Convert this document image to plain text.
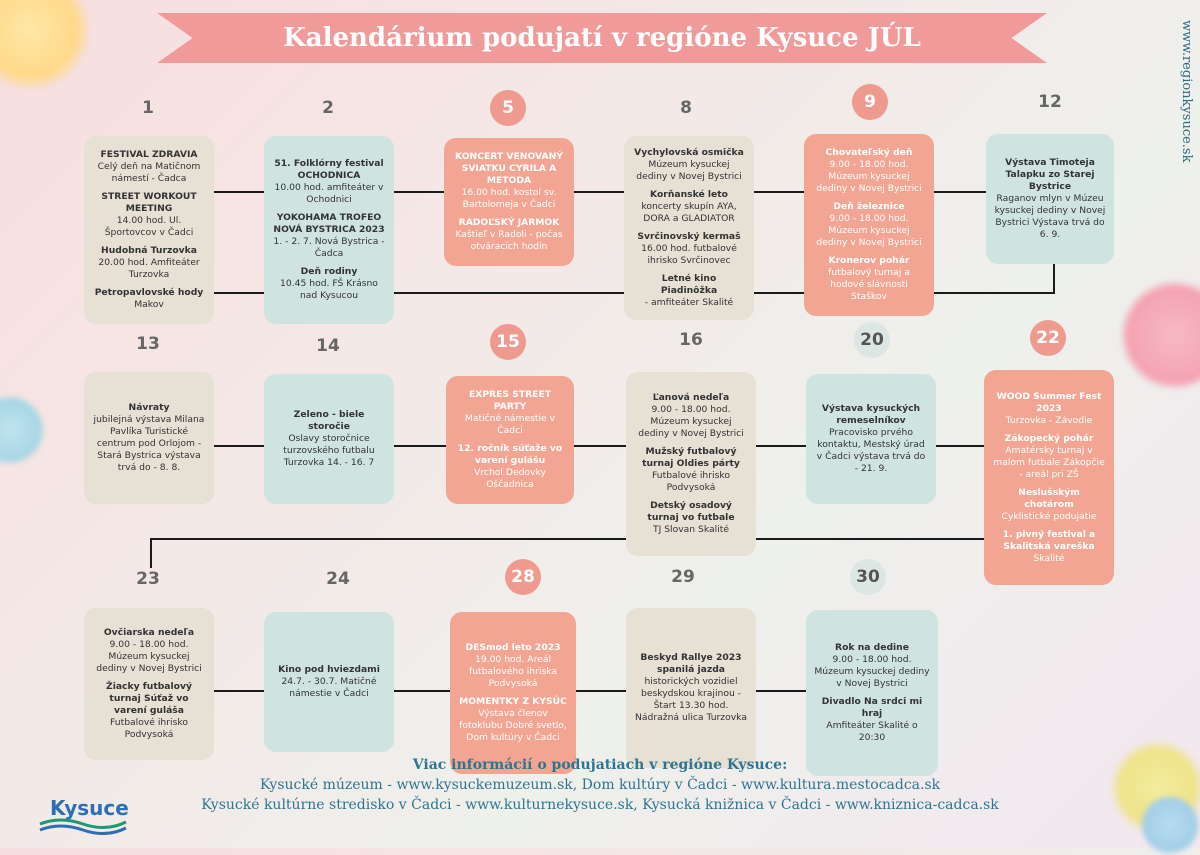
Kalendárium podujatí v regióne Kysuce JÚL	www.regionkysuce.sk
1	2	5	8	9	12
13	14	15	16	20	22
23	24	28	29	30
FESTIVAL ZDRAVIA
Celý deň na Matičnom námestí - Čadca
STREET WORKOUT MEETING
14.00 hod. Ul. Športovcov v Čadci
Hudobná Turzovka
20.00 hod. Amfiteáter Turzovka
Petropavlovské hody
Makov
51. Folklórny festival OCHODNICA
10.00 hod. amfiteáter v Ochodnici
YOKOHAMA TROFEO NOVÁ BYSTRICA 2023
1. - 2. 7. Nová Bystrica - Čadca
Deň rodiny
10.45 hod. FŠ Krásno nad Kysucou
KONCERT VENOVANÝ SVIATKU CYRILA A METODA
16.00 hod. kostol sv. Bartolomeja v Čadci
RADOĽSKÝ JARMOK
Kaštieľ v Radoli - počas otváracích hodín
Vychylovská osmička
Múzeum kysuckej dediny v Novej Bystrici
Korňanské leto
koncerty skupín AYA, DORA a GLADIATOR
Svrčinovský kermaš
16.00 hod. futbalové ihrisko Svrčinovec
Letné kino Piadinôžka
- amfiteáter Skalité
Chovateľský deň
9.00 - 18.00 hod. Múzeum kysuckej dediny v Novej Bystrici
Deň železnice
9.00 - 18.00 hod. Múzeum kysuckej dediny v Novej Bystrici
Kronerov pohár
futbalový turnaj a hodové slávnosti Staškov
Výstava Timoteja Talapku zo Starej Bystrice
Raganov mlyn v Múzeu kysuckej dediny v Novej Bystrici Výstava trvá do 6. 9.
Návraty
jubilejná výstava Milana Pavlíka Turistické centrum pod Orlojom - Stará Bystrica výstava trvá do - 8. 8.
Zeleno - biele storočie
Oslavy storočnice turzovského futbalu Turzovka 14. - 16. 7
EXPRES STREET PARTY
Matičné námestie v Čadci
12. ročník súťaže vo varení gulášu
Vrchol Dedovky Oščadnica
Ľanová nedeľa
9.00 - 18.00 hod. Múzeum kysuckej dediny v Novej Bystrici
Mužský futbalový turnaj Oldies párty
Futbalové ihrisko Podvysoká
Detský osadový turnaj vo futbale
TJ Slovan Skalité
Výstava kysuckých remeselníkov
Pracovisko prvého kontaktu, Mestský úrad v Čadci výstava trvá do - 21. 9.
WOOD Summer Fest 2023
Turzovka - Závodie
Zákopecký pohár
Amatérsky turnaj v malom futbale Zákopčie - areál pri ZŠ
Neslušským chotárom
Cyklistické podujatie
1. pivný festival a Skalitská vareška
Skalité
Ovčiarska nedeľa
9.00 - 18.00 hod. Múzeum kysuckej dediny v Novej Bystrici
Žiacky futbalový turnaj Súťaž vo varení guláša
Futbalové ihrisko Podvysoká
Kino pod hviezdami
24.7. - 30.7. Matičné námestie v Čadci
DESmod leto 2023
19.00 hod. Areál futbalového ihriska Podvysoká
MOMENTKY Z KYSÚC
Výstava členov fotoklubu Dobré svetlo, Dom kultúry v Čadci
Beskyd Rallye 2023 spanilá jazda
historických vozidiel beskydskou krajinou - Štart 13.30 hod. Nádražná ulica Turzovka
Rok na dedine
9.00 - 18.00 hod. Múzeum kysuckej dediny v Novej Bystrici
Divadlo Na srdci mi hraj
Amfiteáter Skalité o 20:30
Viac informácií o podujatiach v regióne Kysuce:
Kysucké múzeum - www.kysuckemuzeum.sk, Dom kultúry v Čadci - www.kultura.mestocadca.sk
Kysucké kultúrne stredisko v Čadci - www.kulturnekysuce.sk, Kysucká knižnica v Čadci - www.kniznica-cadca.sk
Kysuce
